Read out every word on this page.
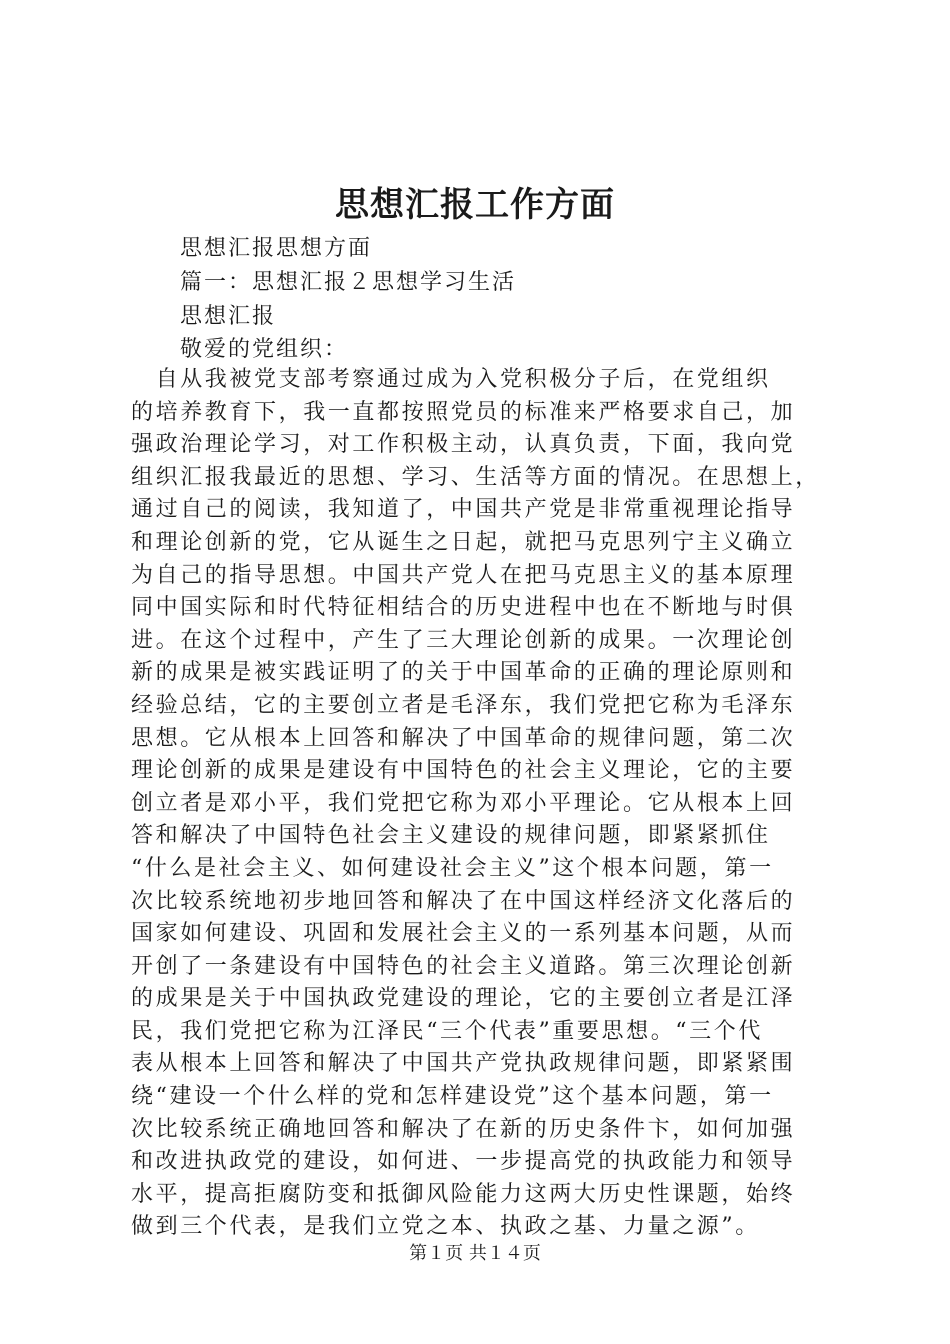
思想汇报工作方面
思想汇报思想方面
篇一：思想汇报２思想学习生活
思想汇报
敬爱的党组织：
　自从我被党支部考察通过成为入党积极分子后，在党组织
的培养教育下，我一直都按照党员的标准来严格要求自己，加
强政治理论学习，对工作积极主动，认真负责，下面，我向党
组织汇报我最近的思想、学习、生活等方面的情况。在思想上，
通过自己的阅读，我知道了，中国共产党是非常重视理论指导
和理论创新的党，它从诞生之日起，就把马克思列宁主义确立
为自己的指导思想。中国共产党人在把马克思主义的基本原理
同中国实际和时代特征相结合的历史进程中也在不断地与时俱
进。在这个过程中，产生了三大理论创新的成果。一次理论创
新的成果是被实践证明了的关于中国革命的正确的理论原则和
经验总结，它的主要创立者是毛泽东，我们党把它称为毛泽东
思想。它从根本上回答和解决了中国革命的规律问题，第二次
理论创新的成果是建设有中国特色的社会主义理论，它的主要
创立者是邓小平，我们党把它称为邓小平理论。它从根本上回
答和解决了中国特色社会主义建设的规律问题，即紧紧抓住
“什么是社会主义、如何建设社会主义”这个根本问题，第一
次比较系统地初步地回答和解决了在中国这样经济文化落后的
国家如何建设、巩固和发展社会主义的一系列基本问题，从而
开创了一条建设有中国特色的社会主义道路。第三次理论创新
的成果是关于中国执政党建设的理论，它的主要创立者是江泽
民，我们党把它称为江泽民“三个代表”重要思想。“三个代
表从根本上回答和解决了中国共产党执政规律问题，即紧紧围
绕“建设一个什么样的党和怎样建设党”这个基本问题，第一
次比较系统正确地回答和解决了在新的历史条件卞，如何加强
和改进执政党的建设，如何进、一步提高党的执政能力和领导
水平，提高拒腐防变和抵御风险能力这两大历史性课题，始终
做到三个代表，是我们立党之本、执政之基、力量之源”。
第１页 共１４页
